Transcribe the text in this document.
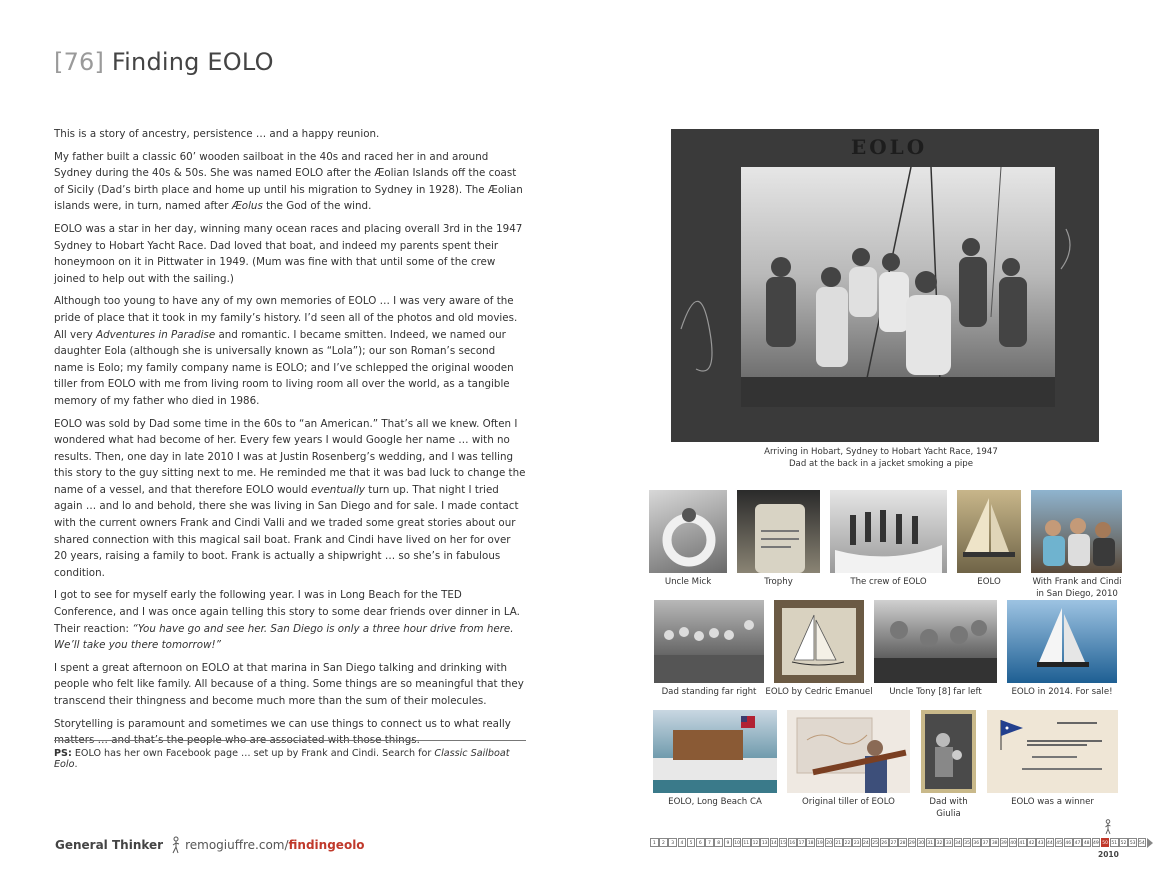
[76] Finding EOLO

This is a story of ancestry, persistence … and a happy reunion.

My father built a classic 60’ wooden sailboat in the 40s and raced her in and around Sydney during the 40s & 50s. She was named EOLO after the Æolian Islands off the coast of Sicily (Dad’s birth place and home up until his migration to Sydney in 1928). The Æolian islands were, in turn, named after Æolus the God of the wind.

EOLO was a star in her day, winning many ocean races and placing overall 3rd in the 1947 Sydney to Hobart Yacht Race. Dad loved that boat, and indeed my parents spent their honeymoon on it in Pittwater in 1949. (Mum was fine with that until some of the crew joined to help out with the sailing.)

Although too young to have any of my own memories of EOLO … I was very aware of the pride of place that it took in my family’s history. I’d seen all of the photos and old movies. All very Adventures in Paradise and romantic. I became smitten. Indeed, we named our daughter Eola (although she is universally known as “Lola”); our son Roman’s second name is Eolo; my family company name is EOLO; and I’ve schlepped the original wooden tiller from EOLO with me from living room to living room all over the world, as a tangible memory of my father who died in 1986.

EOLO was sold by Dad some time in the 60s to “an American.” That’s all we knew. Often I wondered what had become of her. Every few years I would Google her name … with no results. Then, one day in late 2010 I was at Justin Rosenberg’s wedding, and I was telling this story to the guy sitting next to me. He reminded me that it was bad luck to change the name of a vessel, and that therefore EOLO would eventually turn up. That night I tried again … and lo and behold, there she was living in San Diego and for sale. I made contact with the current owners Frank and Cindi Valli and we traded some great stories about our shared connection with this magical sail boat. Frank and Cindi have lived on her for over 20 years, raising a family to boot. Frank is actually a shipwright … so she’s in fabulous condition.

I got to see for myself early the following year. I was in Long Beach for the TED Conference, and I was once again telling this story to some dear friends over dinner in LA. Their reaction: “You have go and see her. San Diego is only a three hour drive from here. We’ll take you there tomorrow!”

I spent a great afternoon on EOLO at that marina in San Diego talking and drinking with people who felt like family. All because of a thing. Some things are so meaningful that they transcend their thingness and become much more than the sum of their molecules.

Storytelling is paramount and sometimes we can use things to connect us to what really matters … and that’s the people who are associated with those things.

PS: EOLO has her own Facebook page … set up by Frank and Cindi. Search for Classic Sailboat Eolo.
General Thinker remogiuffre.com/findingeolo
EOLO
Arriving in Hobart, Sydney to Hobart Yacht Race, 1947
Dad at the back in a jacket smoking a pipe
Uncle Mick	Trophy	The crew of EOLO	EOLO	With Frank and Cindi in San Diego, 2010
Dad standing far right	EOLO by Cedric Emanuel	Uncle Tony [8] far left	EOLO in 2014. For sale!
EOLO, Long Beach CA	Original tiller of EOLO	Dad with Giulia
EOLO was a winner
1	2	3	4	5	6	7	8	9	10 11 12 13 14 15 16 17 18 19 20 21 22 23 24 25 26 27 28 29 30 31 32 33 34 35 36 37 38 39 40 41 42 43 44 45 46 47 48 49 50 51 52 53 54
2010
